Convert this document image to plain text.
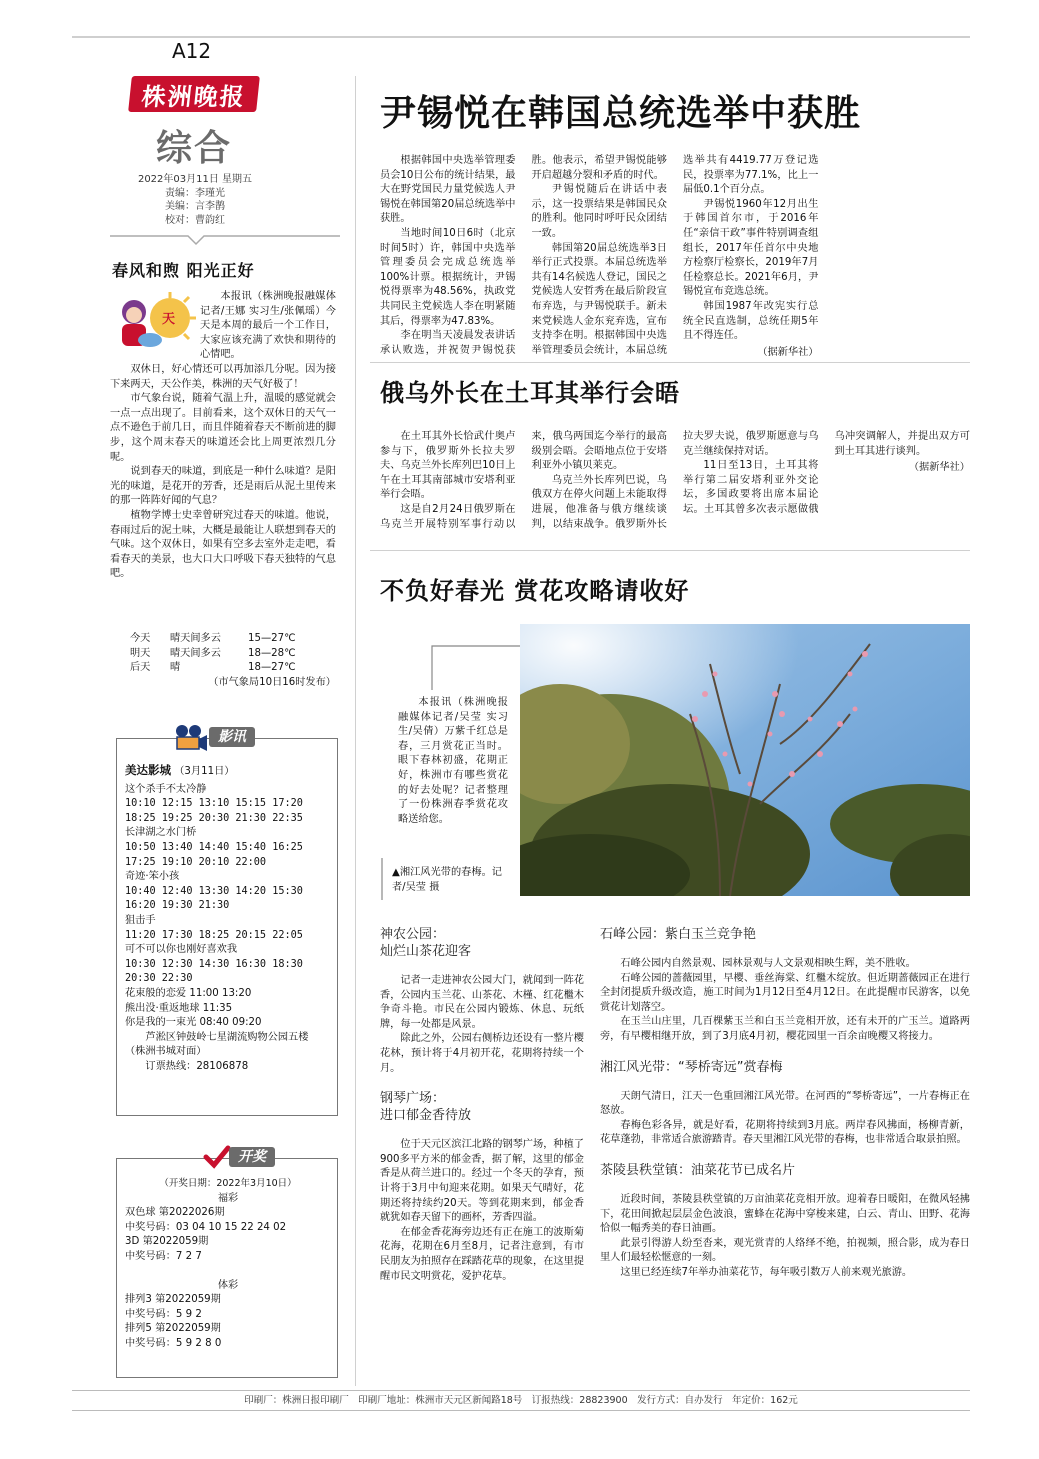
A12
株洲晚报
综合

2022年03月11日 星期五

责编：李瑾光

美编：言李鹊

校对：曹韵红

春风和煦 阳光正好
天

本报讯（株洲晚报融媒体记者/王娜 实习生/张佩瑶）今天是本周的最后一个工作日，大家应该充满了欢快和期待的心情吧。

双休日，好心情还可以再加添几分呢。因为接下来两天，天公作美，株洲的天气好极了！

市气象台说，随着气温上升，温暖的感觉就会一点一点出现了。目前看来，这个双休日的天气一点不逊色于前几日，而且伴随着春天不断前进的脚步，这个周末春天的味道还会比上周更浓烈几分呢。

说到春天的味道，到底是一种什么味道？是阳光的味道，是花开的芳香，还是雨后从泥土里传来的那一阵阵好闻的气息？

植物学博士史幸曾研究过春天的味道。他说，春雨过后的泥土味，大概是最能让人联想到春天的气味。这个双休日，如果有空多去室外走走吧，看看春天的美景，也大口大口呼吸下春天独特的气息吧。

今天	晴天间多云	15—27℃
明天	晴天间多云	18—28℃
后天	晴	18—27℃
（市气象局10日16时发布）
影讯

美达影城 （3月11日）

这个杀手不太冷静

10:10 12:15 13:10 15:15 17:20

18:25 19:25 20:30 21:30 22:35

长津湖之水门桥

10:50 13:40 14:40 15:40 16:25

17:25 19:10 20:10 22:00

奇迹·笨小孩

10:40 12:40 13:30 14:20 15:30

16:20 19:30 21:30

狙击手

11:20 17:30 18:25 20:15 22:05

可不可以你也刚好喜欢我

10:30 12:30 14:30 16:30 18:30

20:30 22:30

花束般的恋爱 11:00 13:20

熊出没·重返地球 11:35

你是我的一束光 08:40 09:20

芦淞区钟鼓岭七星湖流购物公园五楼（株洲书城对面）

订票热线：28106878

开奖

（开奖日期：2022年3月10日）

福彩

双色球 第2022026期

中奖号码：03 04 10 15 22 24 02

3D 第2022059期

中奖号码：7 2 7

体彩

排列3 第2022059期

中奖号码：5 9 2

排列5 第2022059期

中奖号码：5 9 2 8 0

尹锡悦在韩国总统选举中获胜

根据韩国中央选举管理委员会10日公布的统计结果，最大在野党国民力量党候选人尹锡悦在韩国第20届总统选举中获胜。

当地时间10日6时（北京时间5时）许，韩国中央选举管理委员会完成总统选举100%计票。根据统计，尹锡悦得票率为48.56%，执政党共同民主党候选人李在明紧随其后，得票率为47.83%。

李在明当天凌晨发表讲话承认败选，并祝贺尹锡悦获胜。他表示，希望尹锡悦能够开启超越分裂和矛盾的时代。

尹锡悦随后在讲话中表示，这一投票结果是韩国民众的胜利。他同时呼吁民众团结一致。

韩国第20届总统选举3日举行正式投票。本届总统选举共有14名候选人登记，国民之党候选人安哲秀在最后阶段宣布弃选，与尹锡悦联手。新未来党候选人金东兖弃选，宣布支持李在明。根据韩国中央选举管理委员会统计，本届总统选举共有4419.77万登记选民，投票率为77.1%，比上一届低0.1个百分点。

尹锡悦1960年12月出生于韩国首尔市，于2016年任“亲信干政”事件特别调查组组长，2017年任首尔中央地方检察厅检察长，2019年7月任检察总长。2021年6月，尹锡悦宣布竞选总统。

韩国1987年改宪实行总统全民直选制，总统任期5年且不得连任。

（据新华社）

俄乌外长在土耳其举行会晤

在土耳其外长恰武什奥卢参与下，俄罗斯外长拉夫罗夫、乌克兰外长库列巴10日上午在土耳其南部城市安塔利亚举行会晤。

这是自2月24日俄罗斯在乌克兰开展特别军事行动以来，俄乌两国迄今举行的最高级别会晤。会晤地点位于安塔利亚外小镇贝莱克。

乌克兰外长库列巴说，乌俄双方在停火问题上未能取得进展，他准备与俄方继续谈判，以结束战争。俄罗斯外长拉夫罗夫说，俄罗斯愿意与乌克兰继续保持对话。

11日至13日，土耳其将举行第二届安塔利亚外交论坛，多国政要将出席本届论坛。土耳其曾多次表示愿做俄乌冲突调解人，并提出双方可到土耳其进行谈判。

（据新华社）

不负好春光 赏花攻略请收好

本报讯（株洲晚报融媒体记者/吴莹 实习生/吴倩）万紫千红总是春，三月赏花正当时。眼下春林初盛，花期正好，株洲市有哪些赏花的好去处呢？记者整理了一份株洲春季赏花攻略送给您。

▲湘江风光带的春梅。记者/吴莹 摄

神农公园：

灿烂山茶花迎客

记者一走进神农公园大门，就闻到一阵花香，公园内玉兰花、山茶花、木槿、红花檵木争奇斗艳。市民在公园内锻炼、休息、玩纸牌，每一处都是风景。

除此之外，公园右侧桥边还设有一整片樱花林，预计将于4月初开花，花期将持续一个月。

钢琴广场：

进口郁金香待放

位于天元区滨江北路的钢琴广场，种植了900多平方米的郁金香，据了解，这里的郁金香是从荷兰进口的。经过一个冬天的孕育，预计将于3月中旬迎来花期。如果天气晴好，花期还将持续约20天。等到花期来到，郁金香就犹如春天留下的画杯，芳香四溢。

在郁金香花海旁边还有正在施工的波斯菊花海，花期在6月至8月，记者注意到，有市民朋友为拍照存在踩踏花草的现象，在这里提醒市民文明赏花，爱护花草。

石峰公园：紫白玉兰竞争艳

石峰公园内自然景观、园林景观与人文景观相映生辉，美不胜收。

石峰公园的蔷薇园里，早樱、垂丝海棠、红檵木绽放。但近期蔷薇园正在进行全封闭提质升级改造，施工时间为1月12日至4月12日。在此提醒市民游客，以免赏花计划落空。

在玉兰山庄里，几百棵紫玉兰和白玉兰竞相开放，还有未开的广玉兰。道路两旁，有早樱相继开放，到了3月底4月初，樱花园里一百余亩晚樱又将接力。

湘江风光带：“琴桥寄远”赏春梅

天朗气清日，江天一色重回湘江风光带。在河西的“琴桥寄远”，一片春梅正在怒放。

春梅色彩各异，就是好看，花期将持续到3月底。两岸春风拂面，杨柳青新，花草蓬勃，非常适合旅游踏青。春天里湘江风光带的春梅，也非常适合取景拍照。

茶陵县秩堂镇：油菜花节已成名片

近段时间，茶陵县秩堂镇的万亩油菜花竞相开放。迎着春日暖阳，在微风轻拂下，花田间掀起层层金色波浪，蜜蜂在花海中穿梭来建，白云、青山、田野、花海恰似一幅秀美的春日油画。

此景引得游人纷至沓来，观光赏青的人络绎不绝，拍视频，照合影，成为春日里人们最轻松惬意的一刻。

这里已经连续7年举办油菜花节，每年吸引数万人前来观光旅游。

印刷厂：株洲日报印刷厂　印刷厂地址：株洲市天元区新闻路18号　订报热线：28823900　发行方式：自办发行　年定价：162元
